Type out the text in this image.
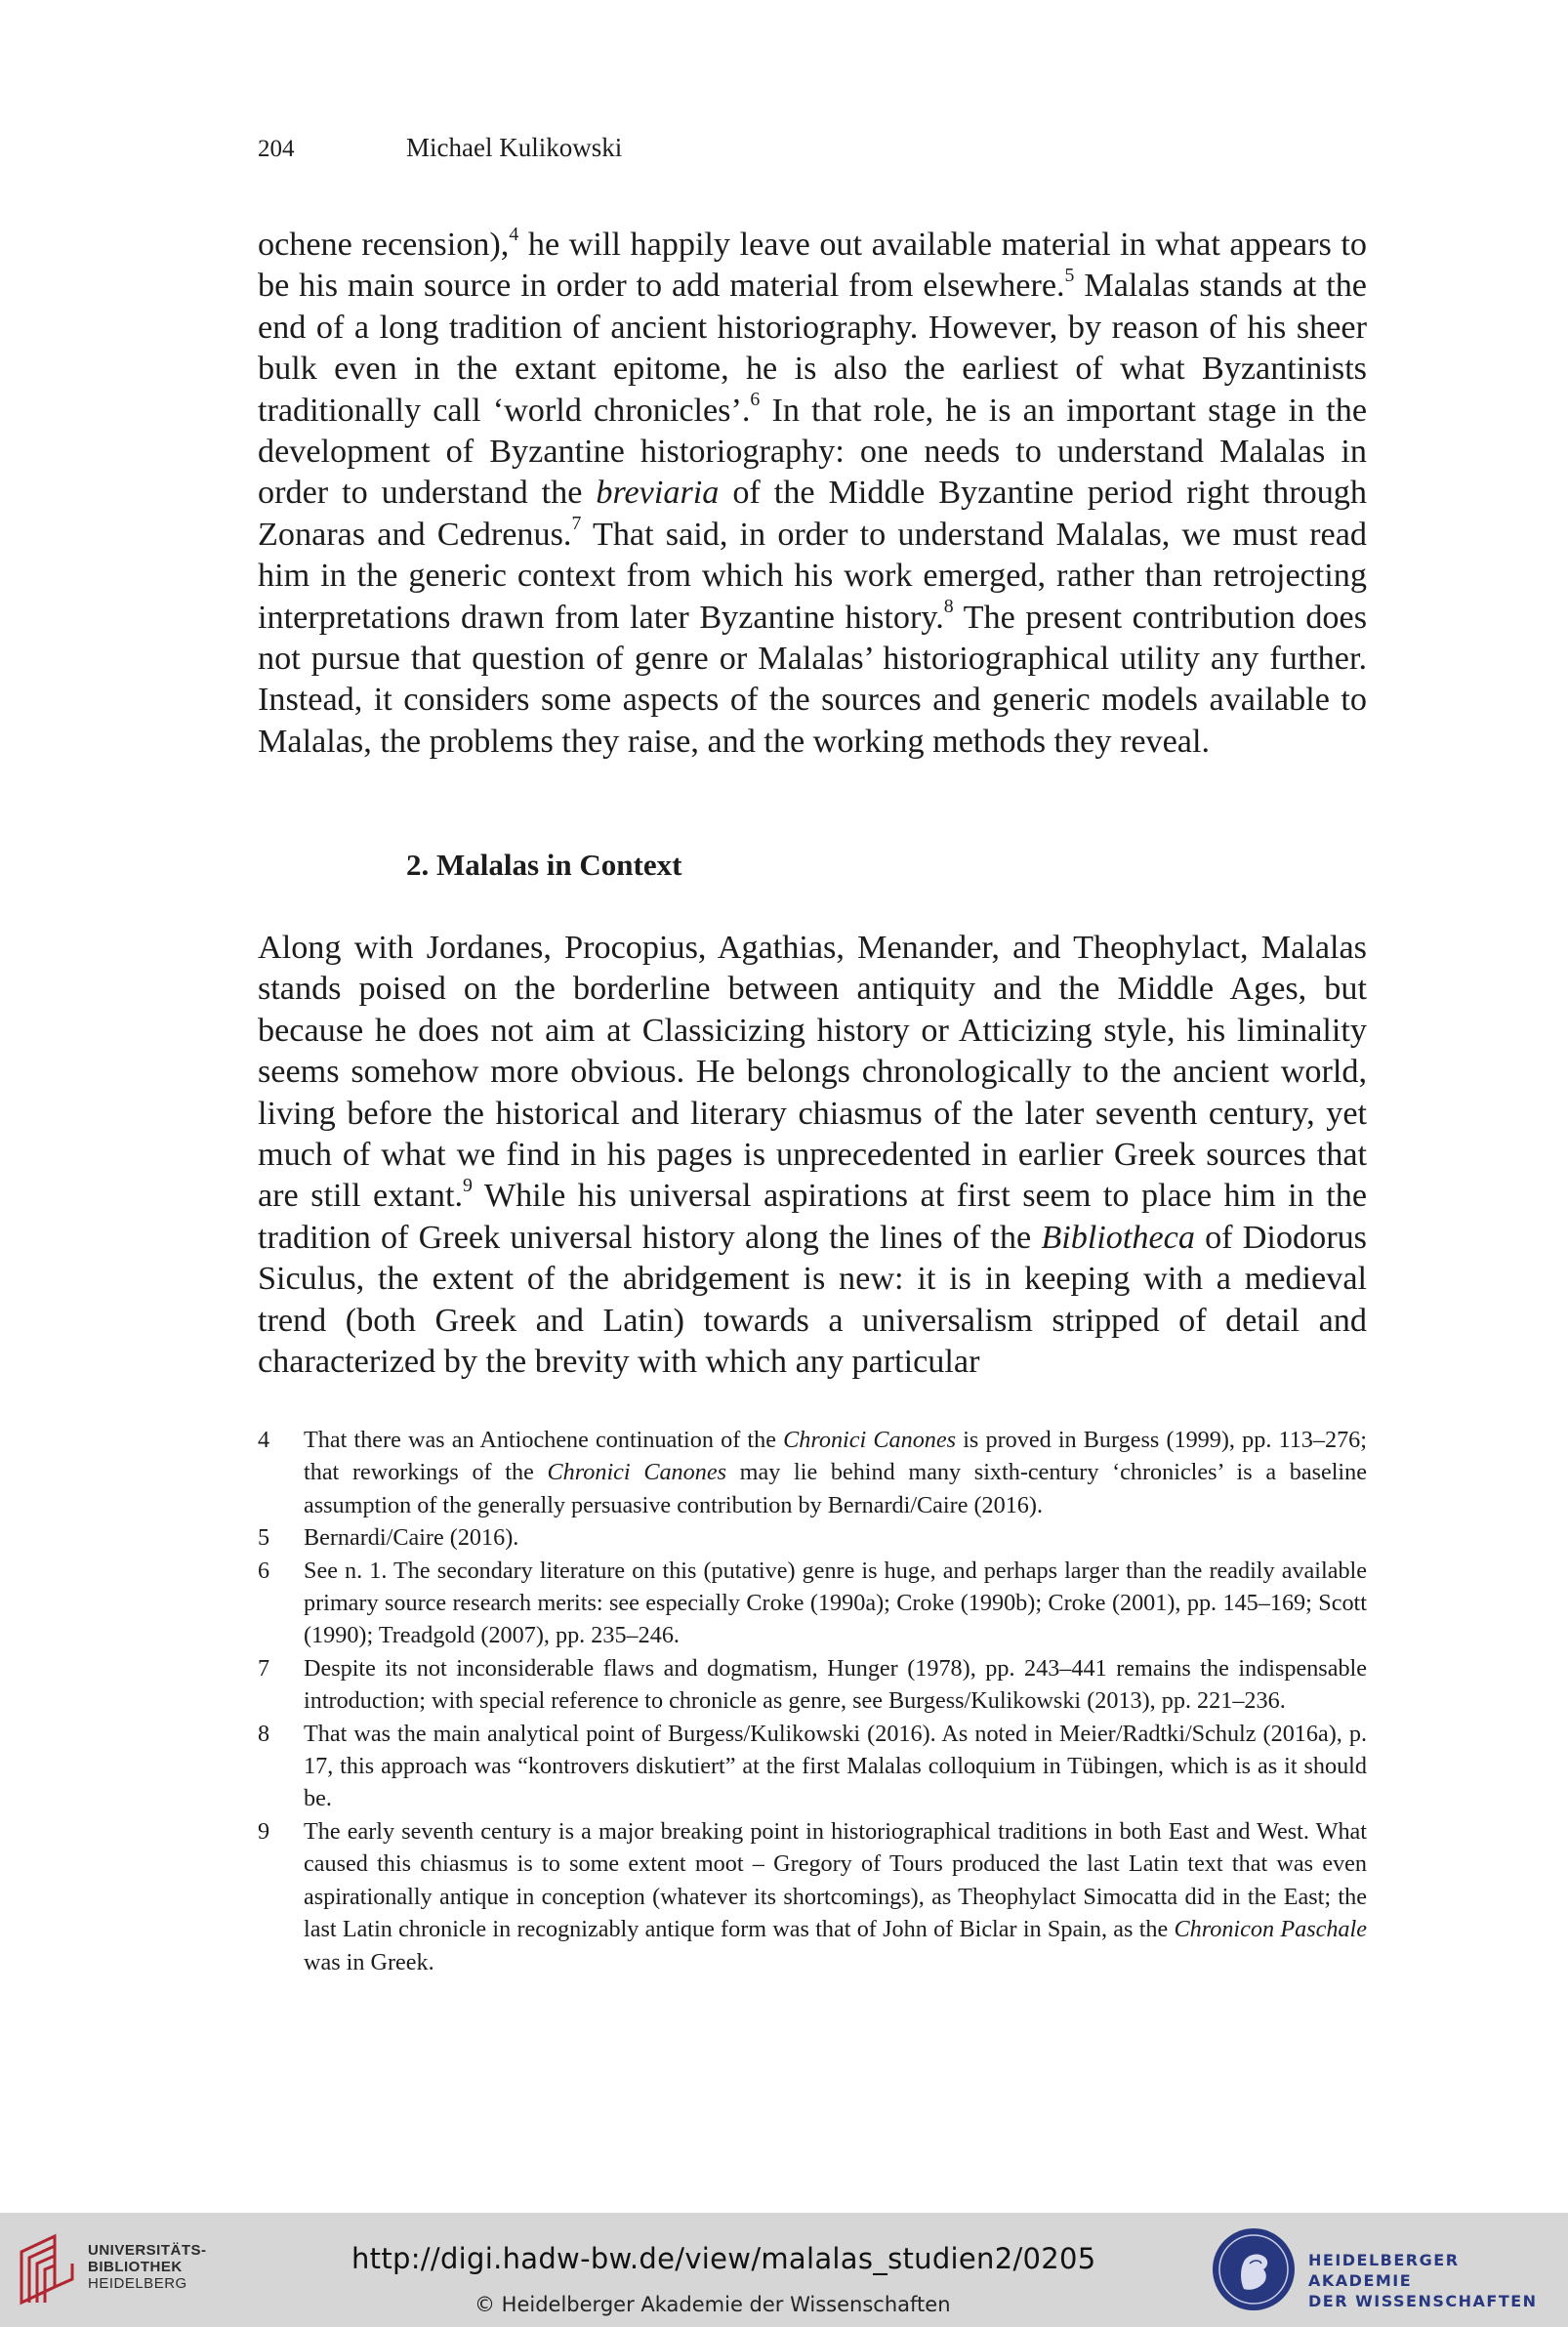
204	Michael Kulikowski

ochene recension),$^4$ he will happily leave out available material in what appears to be his main source in order to add material from elsewhere.$^5$ Malalas stands at the end of a long tradition of ancient historiography. However, by reason of his sheer bulk even in the extant epitome, he is also the earliest of what Byzantinists traditionally call ‘world chronicles’.$^6$ In that role, he is an important stage in the development of Byzantine historiography: one needs to understand Malalas in order to understand the breviaria of the Middle Byzantine period right through Zonaras and Cedrenus.$^7$ That said, in order to understand Malalas, we must read him in the generic context from which his work emerged, rather than retrojecting interpretations drawn from later Byzantine history.$^8$ The present contribution does not pursue that question of genre or Malalas’ historiographical utility any further. Instead, it considers some aspects of the sources and generic models available to Malalas, the problems they raise, and the working methods they reveal.

2. Malalas in Context

Along with Jordanes, Procopius, Agathias, Menander, and Theophylact, Malalas stands poised on the borderline between antiquity and the Middle Ages, but because he does not aim at Classicizing history or Atticizing style, his liminality seems somehow more obvious. He belongs chronologically to the ancient world, living before the historical and literary chiasmus of the later seventh century, yet much of what we find in his pages is unprecedented in earlier Greek sources that are still extant.$^9$ While his universal aspirations at first seem to place him in the tradition of Greek universal history along the lines of the Bibliotheca of Diodorus Siculus, the extent of the abridgement is new: it is in keeping with a medieval trend (both Greek and Latin) towards a universalism stripped of detail and characterized by the brevity with which any particular

4	That there was an Antiochene continuation of the Chronici Canones is proved in Burgess (1999), pp. 113–276; that reworkings of the Chronici Canones may lie behind many sixth-century ‘chronicles’ is a baseline assumption of the generally persuasive contribution by Bernardi/Caire (2016).
5	Bernardi/Caire (2016).
6	See n. 1. The secondary literature on this (putative) genre is huge, and perhaps larger than the readily available primary source research merits: see especially Croke (1990a); Croke (1990b); Croke (2001), pp. 145–169; Scott (1990); Treadgold (2007), pp. 235–246.
7	Despite its not inconsiderable flaws and dogmatism, Hunger (1978), pp. 243–441 remains the indispensable introduction; with special reference to chronicle as genre, see Burgess/Kulikowski (2013), pp. 221–236.
8	That was the main analytical point of Burgess/Kulikowski (2016). As noted in Meier/Radtki/Schulz (2016a), p. 17, this approach was “kontrovers diskutiert” at the first Malalas colloquium in Tübingen, which is as it should be.
9	The early seventh century is a major breaking point in historiographical traditions in both East and West. What caused this chiasmus is to some extent moot – Gregory of Tours produced the last Latin text that was even aspirationally antique in conception (whatever its shortcomings), as Theophylact Simocatta did in the East; the last Latin chronicle in recognizably antique form was that of John of Biclar in Spain, as the Chronicon Paschale was in Greek.
UNIVERSITÄTS-
BIBLIOTHEK
HEIDELBERG
http://digi.hadw-bw.de/view/malalas_studien2/0205
© Heidelberger Akademie der Wissenschaften
HEIDELBERGER AKADEMIE
DER WISSENSCHAFTEN
